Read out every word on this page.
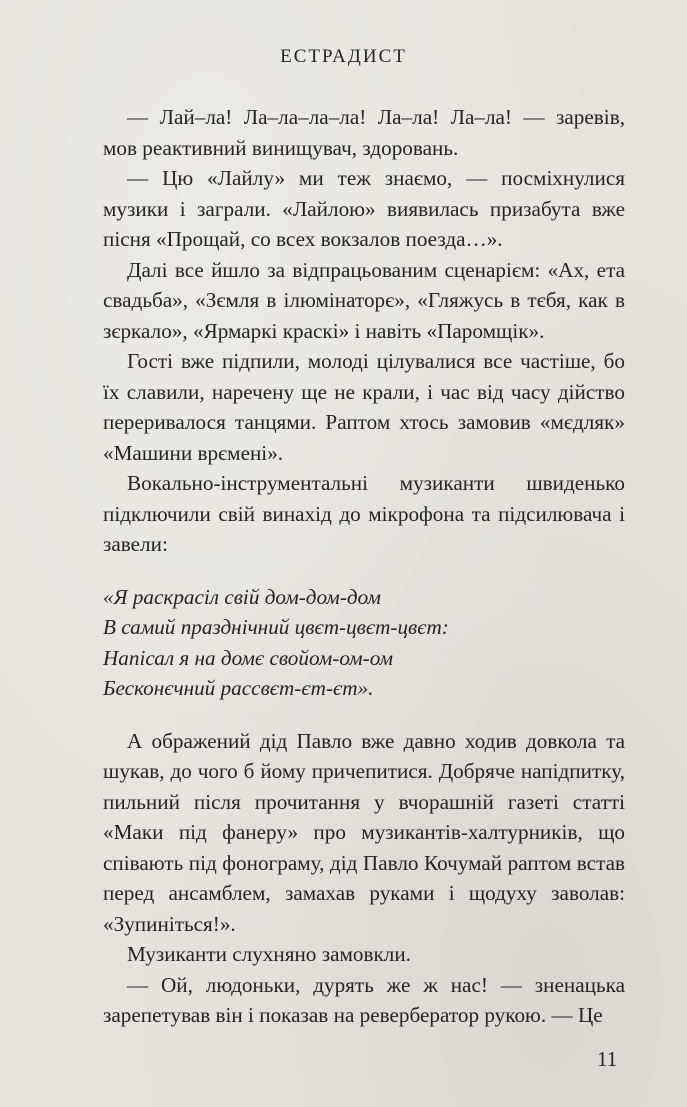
ЕСТРАДИСТ

— Лай–ла! Ла–ла–ла–ла! Ла–ла! Ла–ла! — заревів, мов реактивний винищувач, здоровань.

— Цю «Лайлу» ми теж знаємо, — посміхнулися музики і заграли. «Лайлою» виявилась призабута вже пісня «Прощай, со всех вокзалов поезда…».

Далі все йшло за відпрацьованим сценарієм: «Ах, ета свадьба», «Зємля в ілюмінаторє», «Гляжусь в тєбя, как в зєркало», «Ярмаркі краскі» і навіть «Паромщік».

Гості вже підпили, молоді цілувалися все частіше, бо їх славили, наречену ще не крали, і час від часу дійство переривалося танцями. Раптом хтось замовив «мєдляк» «Машини врємені».

Вокально-інструментальні музиканти швиденько підключили свій винахід до мікрофона та підсилювача і завели:

«Я раскрасіл свій дом-дом-дом
В самий празднічний цвєт-цвєт-цвєт:
Напісал я на домє свойом-ом-ом
Бесконєчний рассвєт-єт-єт».

А ображений дід Павло вже давно ходив довкола та шукав, до чого б йому причепитися. Добряче напідпитку, пильний після прочитання у вчорашній газеті статті «Маки під фанеру» про музикантів-халтурників, що співають під фонограму, дід Павло Кочумай раптом встав перед ансамблем, замахав руками і щодуху заволав: «Зупиніться!».

Музиканти слухняно замовкли.

— Ой, людоньки, дурять же ж нас! — зненацька зарепетував він і показав на ревербератор рукою. — Це

11
